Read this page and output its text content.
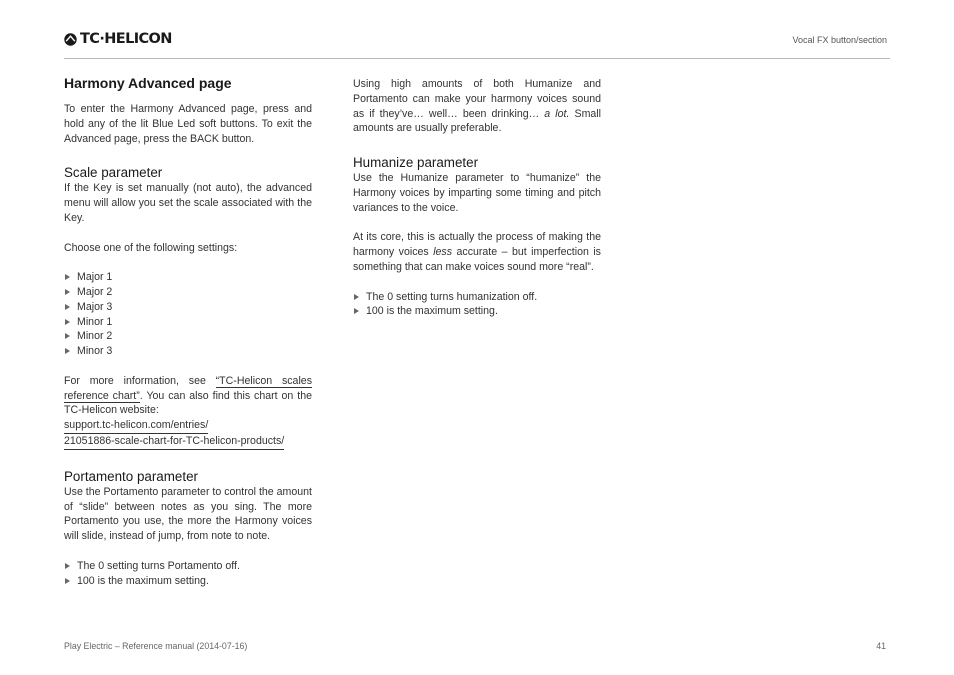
TC·HELICON	Vocal FX button/section
Harmony Advanced page

To enter the Harmony Advanced page, press and hold any of the lit Blue Led soft buttons. To exit the Advanced page, press the BACK button.

Scale parameter

If the Key is set manually (not auto), the advanced menu will allow you set the scale associated with the Key.

Choose one of the following settings:

Major 1
Major 2
Major 3
Minor 1
Minor 2
Minor 3

For more information, see “TC-Helicon scales reference chart”. You can also find this chart on the TC-Helicon website:

support.tc-helicon.com/entries/
21051886-scale-chart-for-TC-helicon-products/
Portamento parameter

Use the Portamento parameter to control the amount of “slide” between notes as you sing. The more Portamento you use, the more the Harmony voices will slide, instead of jump, from note to note.

The 0 setting turns Portamento off.
100 is the maximum setting.

Using high amounts of both Humanize and Portamento can make your harmony voices sound as if they’ve… well… been drinking… a lot. Small amounts are usually preferable.

Humanize parameter

Use the Humanize parameter to “humanize” the Harmony voices by imparting some timing and pitch variances to the voice.

At its core, this is actually the process of making the harmony voices less accurate – but imperfection is something that can make voices sound more “real”.

The 0 setting turns humanization off.
100 is the maximum setting.
Play Electric – Reference manual (2014-07-16)	41
